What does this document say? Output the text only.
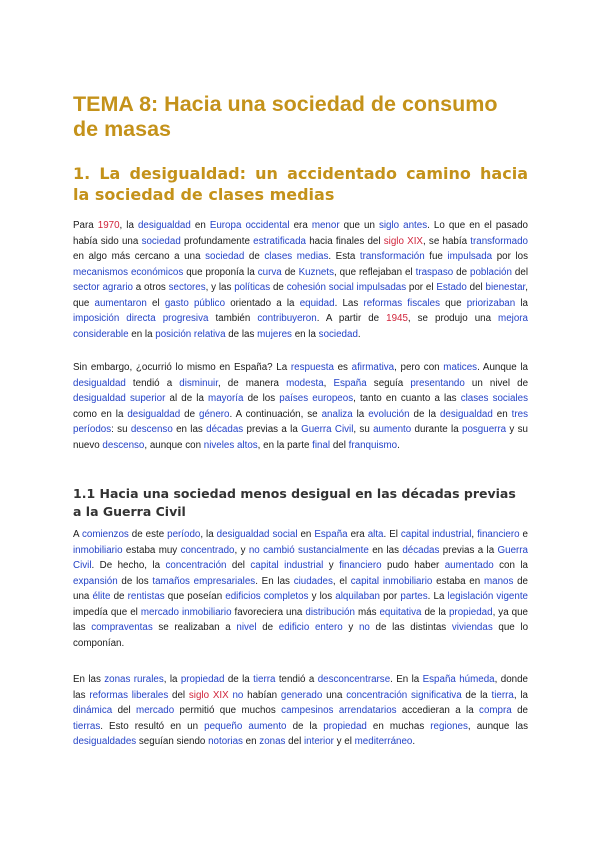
TEMA 8: Hacia una sociedad de consumo de masas
1. La desigualdad: un accidentado camino hacia la sociedad de clases medias

Para 1970, la desigualdad en Europa occidental era menor que un siglo antes. Lo que en el pasado había sido una sociedad profundamente estratificada hacia finales del siglo XIX, se había transformado en algo más cercano a una sociedad de clases medias. Esta transformación fue impulsada por los mecanismos económicos que proponía la curva de Kuznets, que reflejaban el traspaso de población del sector agrario a otros sectores, y las políticas de cohesión social impulsadas por el Estado del bienestar, que aumentaron el gasto público orientado a la equidad. Las reformas fiscales que priorizaban la imposición directa progresiva también contribuyeron. A partir de 1945, se produjo una mejora considerable en la posición relativa de las mujeres en la sociedad.

Sin embargo, ¿ocurrió lo mismo en España? La respuesta es afirmativa, pero con matices. Aunque la desigualdad tendió a disminuir, de manera modesta, España seguía presentando un nivel de desigualdad superior al de la mayoría de los países europeos, tanto en cuanto a las clases sociales como en la desigualdad de género. A continuación, se analiza la evolución de la desigualdad en tres períodos: su descenso en las décadas previas a la Guerra Civil, su aumento durante la posguerra y su nuevo descenso, aunque con niveles altos, en la parte final del franquismo.

1.1 Hacia una sociedad menos desigual en las décadas previas a la Guerra Civil

A comienzos de este período, la desigualdad social en España era alta. El capital industrial, financiero e inmobiliario estaba muy concentrado, y no cambió sustancialmente en las décadas previas a la Guerra Civil. De hecho, la concentración del capital industrial y financiero pudo haber aumentado con la expansión de los tamaños empresariales. En las ciudades, el capital inmobiliario estaba en manos de una élite de rentistas que poseían edificios completos y los alquilaban por partes. La legislación vigente impedía que el mercado inmobiliario favoreciera una distribución más equitativa de la propiedad, ya que las compraventas se realizaban a nivel de edificio entero y no de las distintas viviendas que lo componían.

En las zonas rurales, la propiedad de la tierra tendió a desconcentrarse. En la España húmeda, donde las reformas liberales del siglo XIX no habían generado una concentración significativa de la tierra, la dinámica del mercado permitió que muchos campesinos arrendatarios accedieran a la compra de tierras. Esto resultó en un pequeño aumento de la propiedad en muchas regiones, aunque las desigualdades seguían siendo notorias en zonas del interior y el mediterráneo.
